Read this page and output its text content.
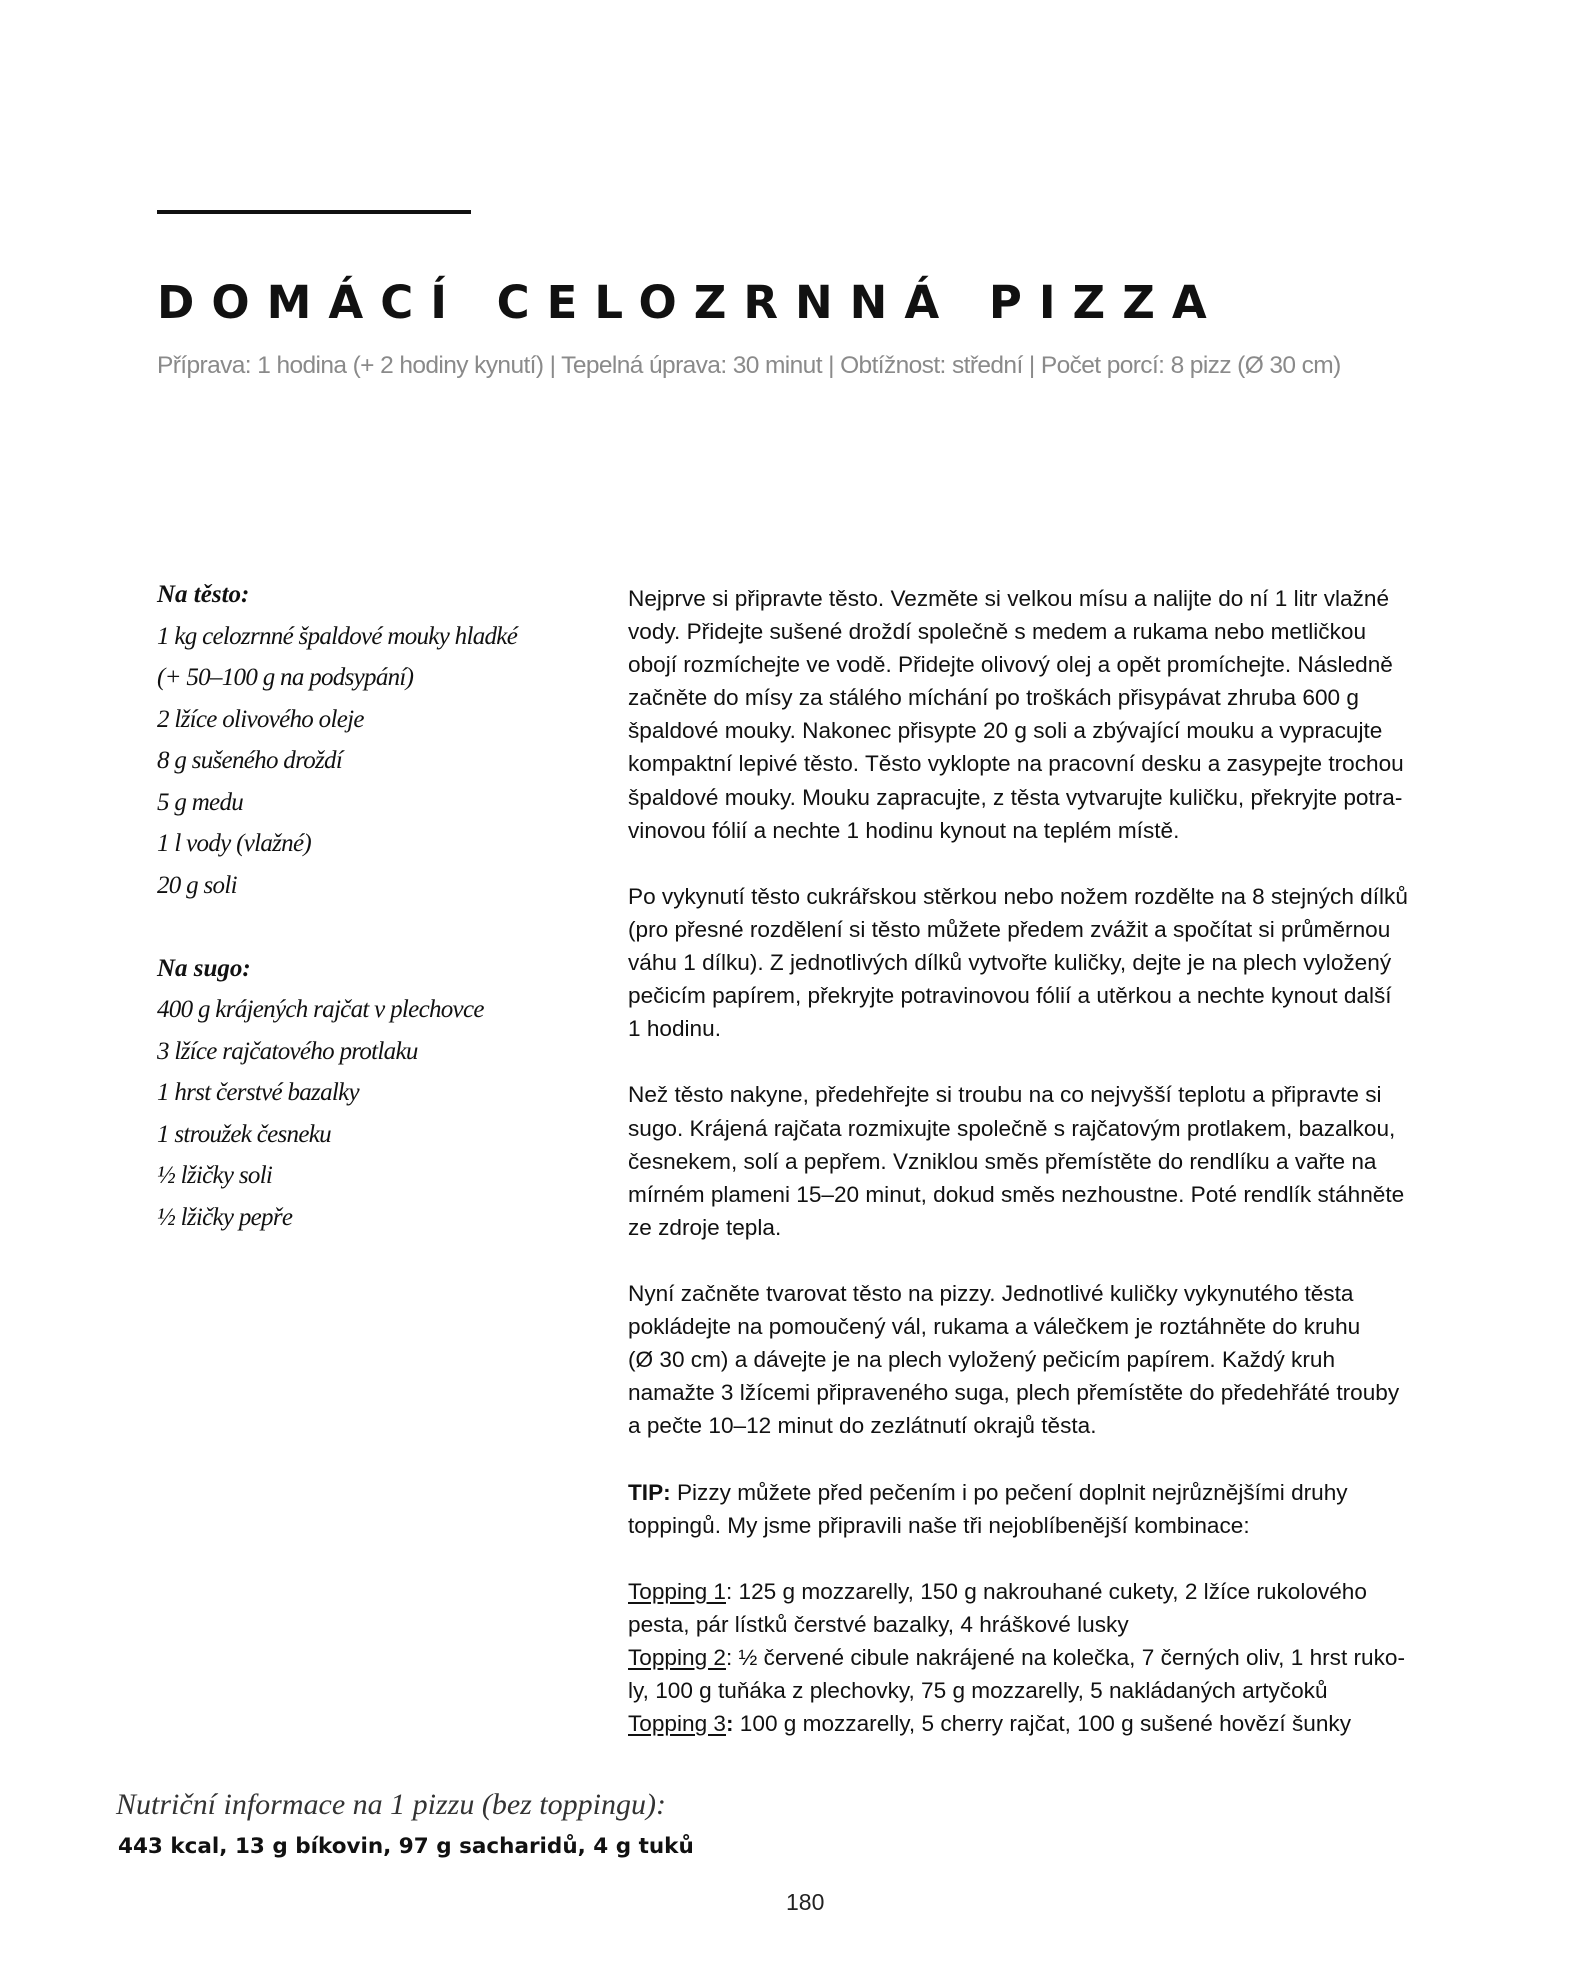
DOMÁCÍ CELOZRNNÁ PIZZA
Příprava: 1 hodina (+ 2 hodiny kynutí) | Tepelná úprava: 30 minut | Obtížnost: střední | Počet porcí: 8 pizz (Ø 30 cm)
Na těsto:
1 kg celozrnné špaldové mouky hladké
(+ 50–100 g na podsypání)
2 lžíce olivového oleje
8 g sušeného droždí
5 g medu
1 l vody (vlažné)
20 g soli
Na sugo:
400 g krájených rajčat v plechovce
3 lžíce rajčatového protlaku
1 hrst čerstvé bazalky
1 stroužek česneku
½ lžičky soli
½ lžičky pepře
Nejprve si připravte těsto. Vezměte si velkou mísu a nalijte do ní 1 litr vlažné
vody. Přidejte sušené droždí společně s medem a rukama nebo metličkou
obojí rozmíchejte ve vodě. Přidejte olivový olej a opět promíchejte. Následně
začněte do mísy za stálého míchání po troškách přisypávat zhruba 600 g
špaldové mouky. Nakonec přisypte 20 g soli a zbývající mouku a vypracujte
kompaktní lepivé těsto. Těsto vyklopte na pracovní desku a zasypejte trochou
špaldové mouky. Mouku zapracujte, z těsta vytvarujte kuličku, překryjte potra-
vinovou fólií a nechte 1 hodinu kynout na teplém místě.
Po vykynutí těsto cukrářskou stěrkou nebo nožem rozdělte na 8 stejných dílků
(pro přesné rozdělení si těsto můžete předem zvážit a spočítat si průměrnou
váhu 1 dílku). Z jednotlivých dílků vytvořte kuličky, dejte je na plech vyložený
pečicím papírem, překryjte potravinovou fólií a utěrkou a nechte kynout další
1 hodinu.
Než těsto nakyne, předehřejte si troubu na co nejvyšší teplotu a připravte si
sugo. Krájená rajčata rozmixujte společně s rajčatovým protlakem, bazalkou,
česnekem, solí a pepřem. Vzniklou směs přemístěte do rendlíku a vařte na
mírném plameni 15–20 minut, dokud směs nezhoustne. Poté rendlík stáhněte
ze zdroje tepla.
Nyní začněte tvarovat těsto na pizzy. Jednotlivé kuličky vykynutého těsta
pokládejte na pomoučený vál, rukama a válečkem je roztáhněte do kruhu
(Ø 30 cm) a dávejte je na plech vyložený pečicím papírem. Každý kruh
namažte 3 lžícemi připraveného suga, plech přemístěte do předehřáté trouby
a pečte 10–12 minut do zezlátnutí okrajů těsta.
TIP: Pizzy můžete před pečením i po pečení doplnit nejrůznějšími druhy
toppingů. My jsme připravili naše tři nejoblíbenější kombinace:
Topping 1: 125 g mozzarelly, 150 g nakrouhané cukety, 2 lžíce rukolového
pesta, pár lístků čerstvé bazalky, 4 hráškové lusky
Topping 2: ½ červené cibule nakrájené na kolečka, 7 černých oliv, 1 hrst ruko-
ly, 100 g tuňáka z plechovky, 75 g mozzarelly, 5 nakládaných artyčoků
Topping 3: 100 g mozzarelly, 5 cherry rajčat, 100 g sušené hovězí šunky
Nutriční informace na 1 pizzu (bez toppingu):
443 kcal, 13 g bíkovin, 97 g sacharidů, 4 g tuků
180
